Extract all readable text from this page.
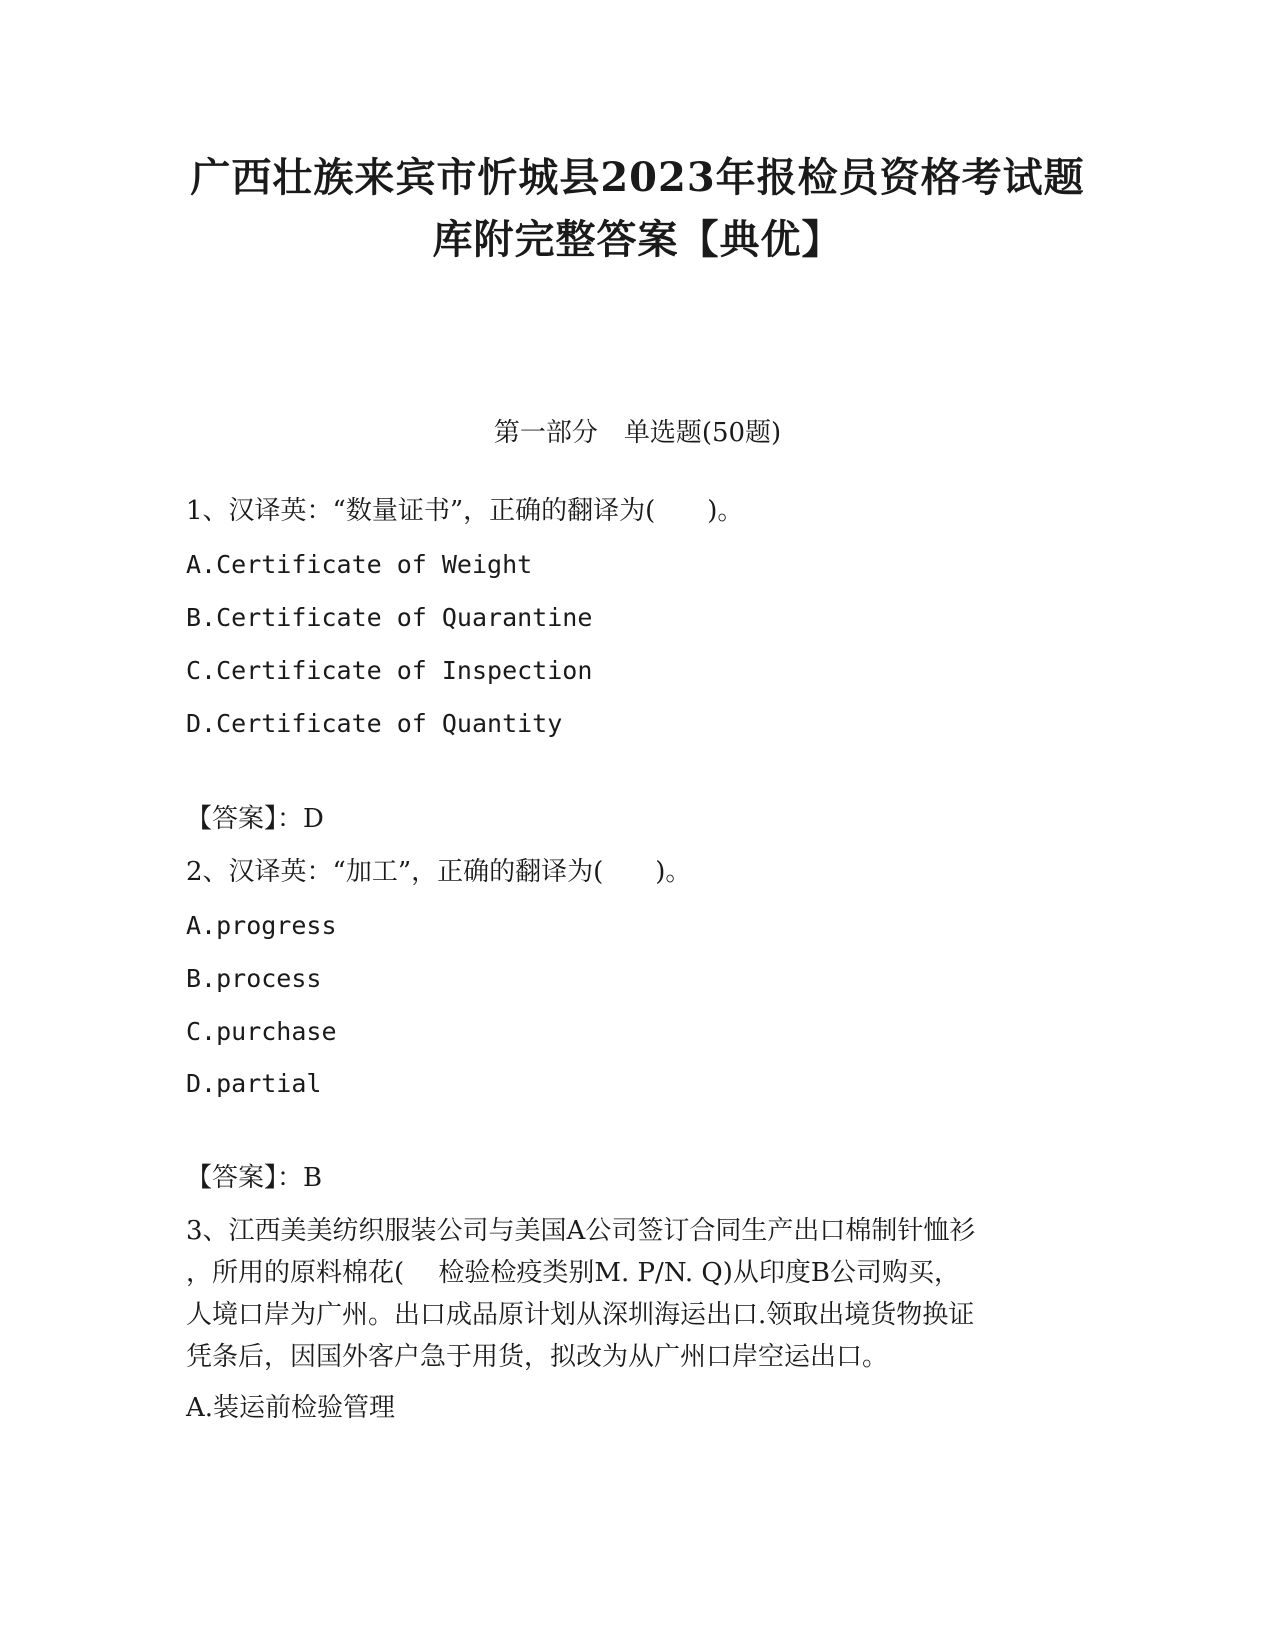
广西壮族来宾市忻城县2023年报检员资格考试题
库附完整答案【典优】
第一部分　单选题(50题)
1、汉译英：“数量证书”，正确的翻译为(　　)。
A.Certificate of Weight
B.Certificate of Quarantine
C.Certificate of Inspection
D.Certificate of Quantity
【答案】：D
2、汉译英：“加工”，正确的翻译为(　　)。
A.progress
B.process
C.purchase
D.partial
【答案】：B
3、江西美美纺织服装公司与美国A公司签订合同生产出口棉制针恤衫
，所用的原料棉花(　 检验检疫类别M. P/N. Q)从印度B公司购买，
人境口岸为广州。出口成品原计划从深圳海运出口.领取出境货物换证
凭条后，因国外客户急于用货，拟改为从广州口岸空运出口。
A.装运前检验管理
